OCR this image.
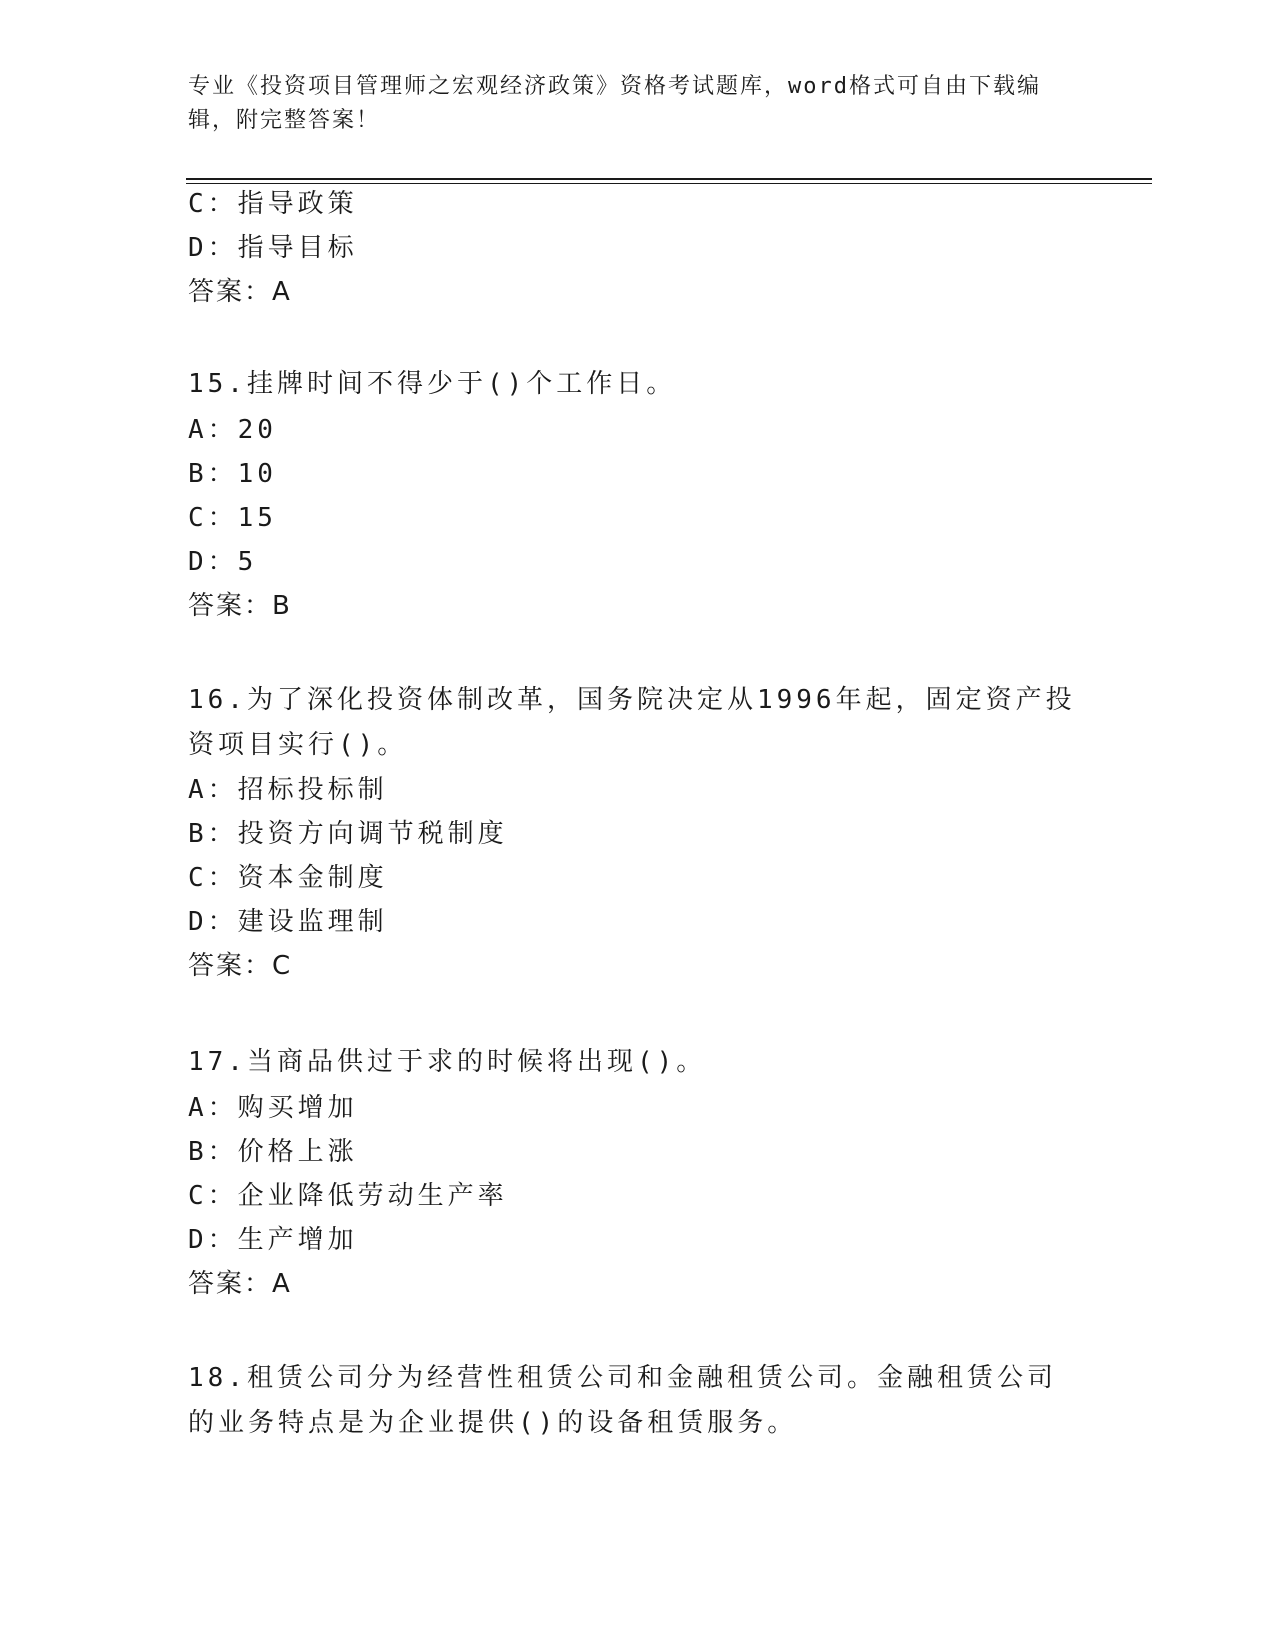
专业《投资项目管理师之宏观经济政策》资格考试题库，word格式可自由下载编辑，附完整答案！
C：指导政策
D：指导目标
答案：A
15.挂牌时间不得少于()个工作日。
A：20
B：10
C：15
D：5
答案：B
16.为了深化投资体制改革，国务院决定从1996年起，固定资产投资项目实行()。
A：招标投标制
B：投资方向调节税制度
C：资本金制度
D：建设监理制
答案：C
17.当商品供过于求的时候将出现()。
A：购买增加
B：价格上涨
C：企业降低劳动生产率
D：生产增加
答案：A
18.租赁公司分为经营性租赁公司和金融租赁公司。金融租赁公司的业务特点是为企业提供()的设备租赁服务。
